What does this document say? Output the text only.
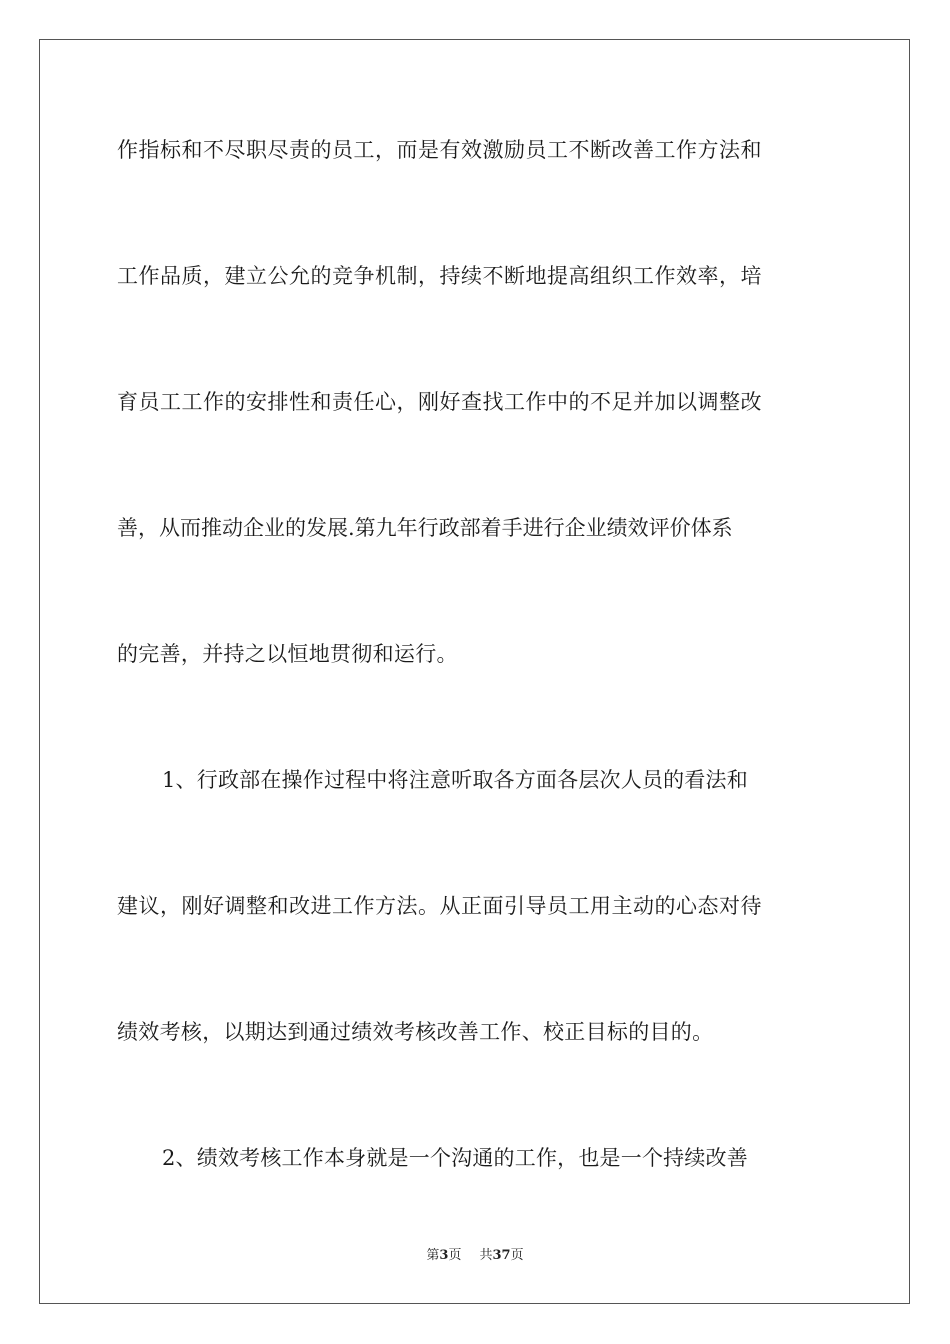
作指标和不尽职尽责的员工，而是有效激励员工不断改善工作方法和
工作品质，建立公允的竞争机制，持续不断地提高组织工作效率，培
育员工工作的安排性和责任心，刚好查找工作中的不足并加以调整改
善，从而推动企业的发展.第九年行政部着手进行企业绩效评价体系
的完善，并持之以恒地贯彻和运行。
1、行政部在操作过程中将注意听取各方面各层次人员的看法和
建议，刚好调整和改进工作方法。从正面引导员工用主动的心态对待
绩效考核，以期达到通过绩效考核改善工作、校正目标的目的。
2、绩效考核工作本身就是一个沟通的工作，也是一个持续改善
第3页 共37页
